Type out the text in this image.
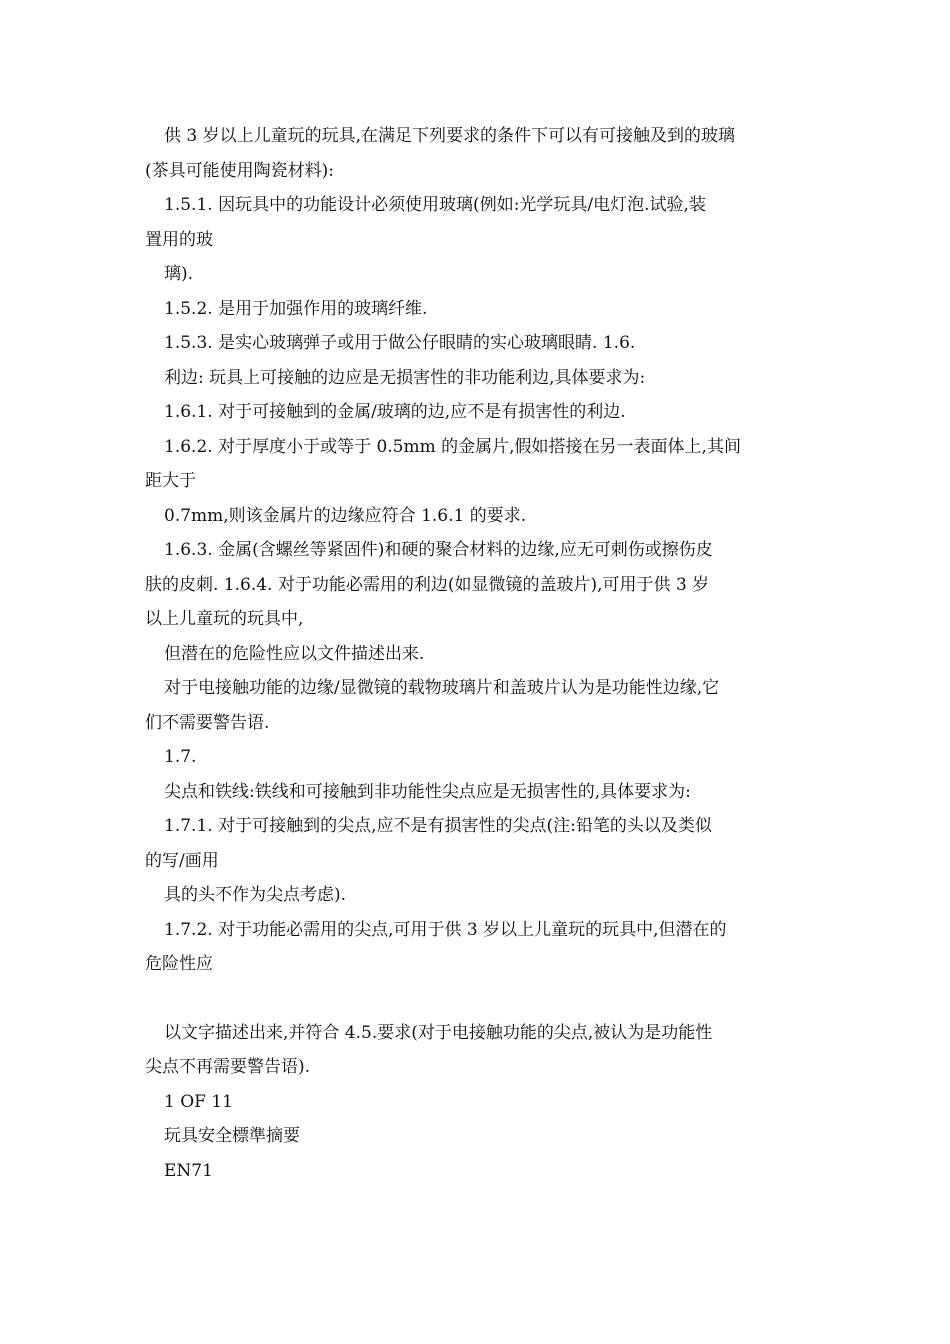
供 3 岁以上儿童玩的玩具,在满足下列要求的条件下可以有可接触及到的玻璃
(茶具可能使用陶瓷材料):
1.5.1. 因玩具中的功能设计必须使用玻璃(例如:光学玩具/电灯泡.试验,装
置用的玻
璃).
1.5.2. 是用于加强作用的玻璃纤维.
1.5.3. 是实心玻璃弹子或用于做公仔眼睛的实心玻璃眼睛. 1.6.
利边: 玩具上可接触的边应是无损害性的非功能利边,具体要求为:
1.6.1. 对于可接触到的金属/玻璃的边,应不是有损害性的利边.
1.6.2. 对于厚度小于或等于 0.5mm 的金属片,假如搭接在另一表面体上,其间
距大于
0.7mm,则该金属片的边缘应符合 1.6.1 的要求.
1.6.3. 金属(含螺丝等紧固件)和硬的聚合材料的边缘,应无可刺伤或擦伤皮
肤的皮刺. 1.6.4. 对于功能必需用的利边(如显微镜的盖玻片),可用于供 3 岁
以上儿童玩的玩具中,
但潜在的危险性应以文件描述出来.
对于电接触功能的边缘/显微镜的载物玻璃片和盖玻片认为是功能性边缘,它
们不需要警告语.
1.7.
尖点和铁线:铁线和可接触到非功能性尖点应是无损害性的,具体要求为:
1.7.1. 对于可接触到的尖点,应不是有损害性的尖点(注:铅笔的头以及类似
的写/画用
具的头不作为尖点考虑).
1.7.2. 对于功能必需用的尖点,可用于供 3 岁以上儿童玩的玩具中,但潜在的
危险性应
以文字描述出来,并符合 4.5.要求(对于电接触功能的尖点,被认为是功能性
尖点不再需要警告语).
1 OF 11
玩具安全標準摘要
EN71
